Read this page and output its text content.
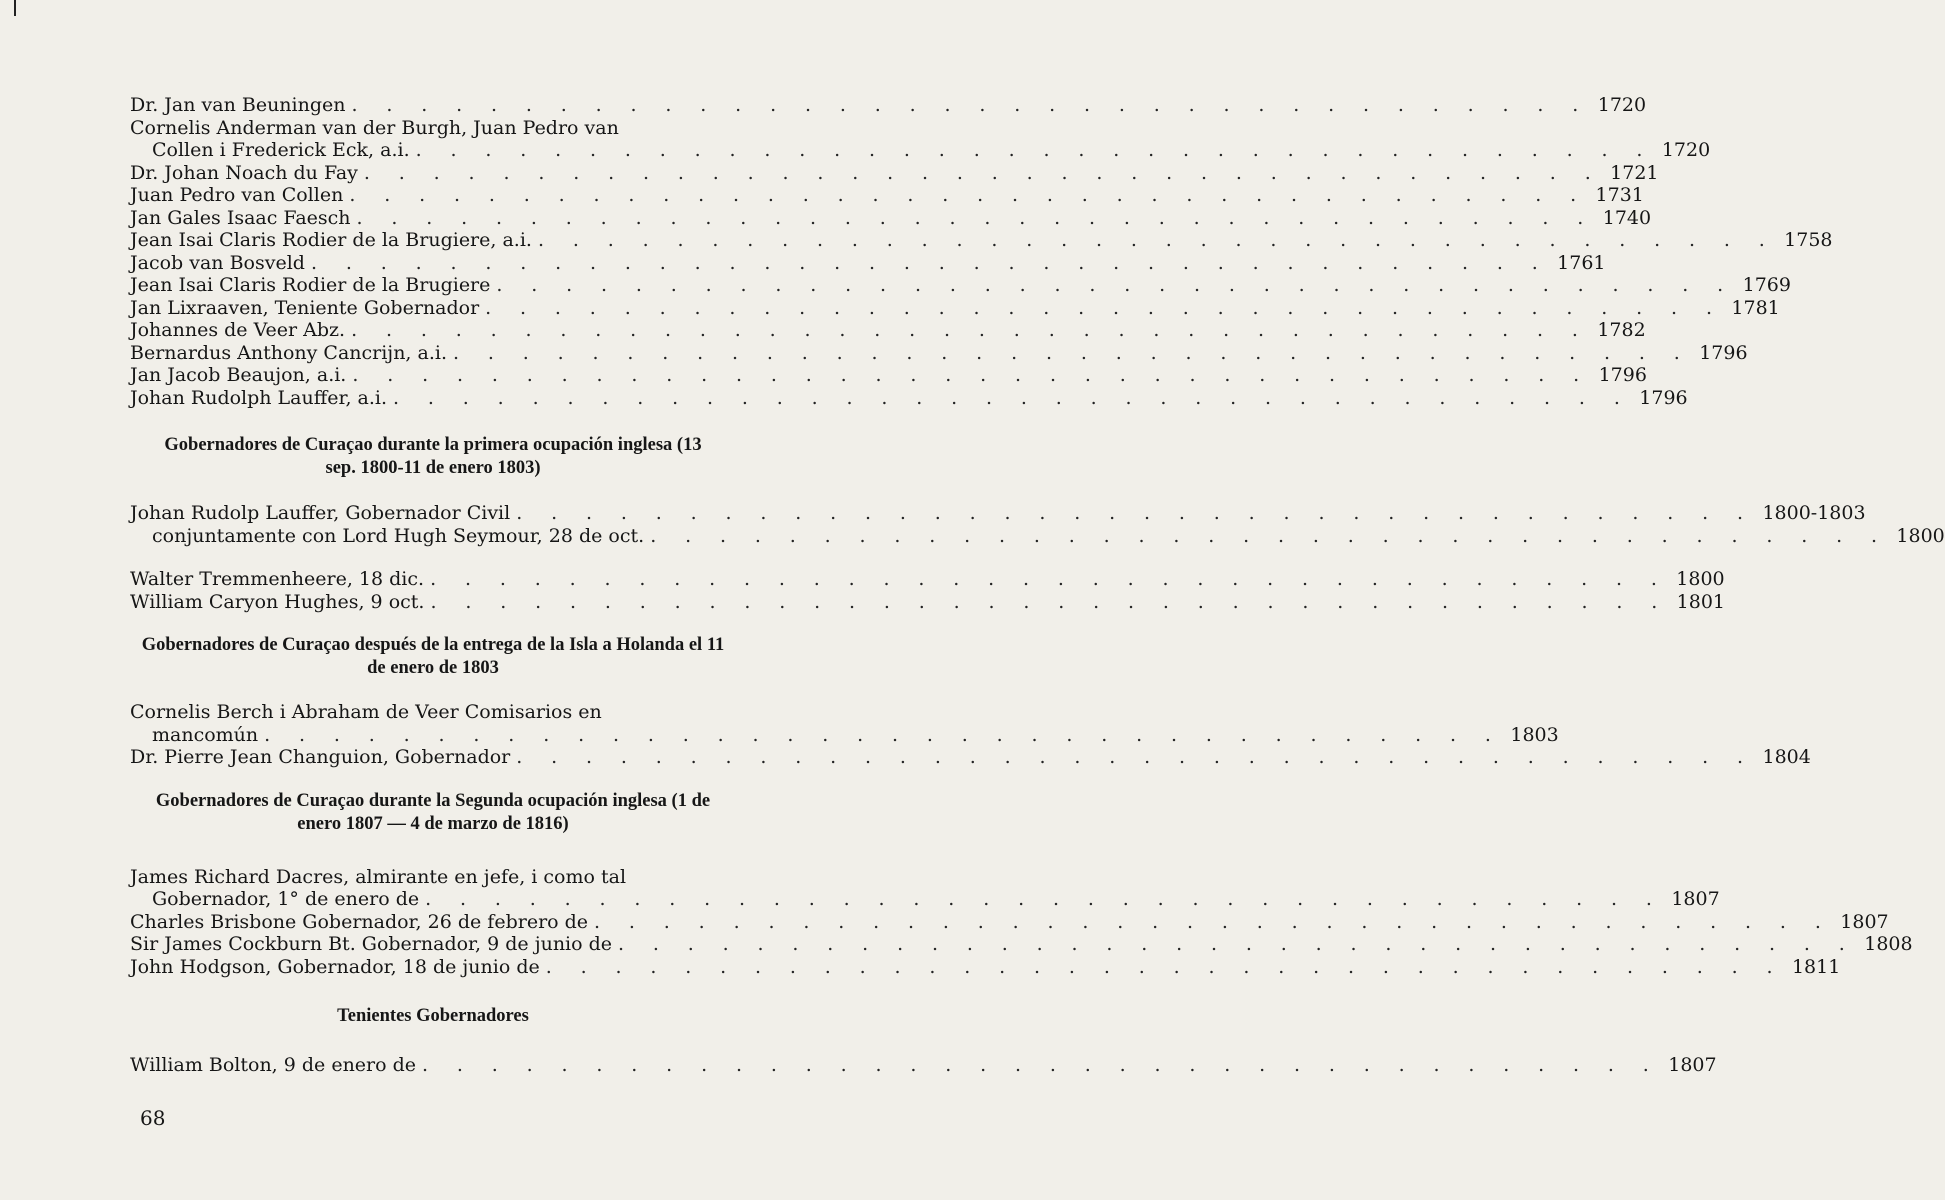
Dr. Jan van Beuningen . . . . . . . . . . . . . . . . . . . . . . . . . . . . . . . . . . . . 1720
Cornelis Anderman van der Burgh, Juan Pedro van
Collen i Frederick Eck, a.i. . . . . . . . . . . . . . . . . . . . . . . . . . . . . . . . . . . . . 1720
Dr. Johan Noach du Fay . . . . . . . . . . . . . . . . . . . . . . . . . . . . . . . . . . . . 1721
Juan Pedro van Collen . . . . . . . . . . . . . . . . . . . . . . . . . . . . . . . . . . . . 1731
Jan Gales Isaac Faesch . . . . . . . . . . . . . . . . . . . . . . . . . . . . . . . . . . . . 1740
Jean Isai Claris Rodier de la Brugiere, a.i. . . . . . . . . . . . . . . . . . . . . . . . . . . . . . . . . . . . . 1758
Jacob van Bosveld . . . . . . . . . . . . . . . . . . . . . . . . . . . . . . . . . . . . 1761
Jean Isai Claris Rodier de la Brugiere . . . . . . . . . . . . . . . . . . . . . . . . . . . . . . . . . . . . 1769
Jan Lixraaven, Teniente Gobernador . . . . . . . . . . . . . . . . . . . . . . . . . . . . . . . . . . . . 1781
Johannes de Veer Abz. . . . . . . . . . . . . . . . . . . . . . . . . . . . . . . . . . . . . 1782
Bernardus Anthony Cancrijn, a.i. . . . . . . . . . . . . . . . . . . . . . . . . . . . . . . . . . . . . 1796
Jan Jacob Beaujon, a.i. . . . . . . . . . . . . . . . . . . . . . . . . . . . . . . . . . . . . 1796
Johan Rudolph Lauffer, a.i. . . . . . . . . . . . . . . . . . . . . . . . . . . . . . . . . . . . . 1796
Gobernadores de Curaçao durante la primera ocupación inglesa (13 sep. 1800-11 de enero 1803)
Johan Rudolp Lauffer, Gobernador Civil . . . . . . . . . . . . . . . . . . . . . . . . . . . . . . . . . . . . 1800-1803
conjuntamente con Lord Hugh Seymour, 28 de oct. . . . . . . . . . . . . . . . . . . . . . . . . . . . . . . . . . . . . 1800
Walter Tremmenheere, 18 dic. . . . . . . . . . . . . . . . . . . . . . . . . . . . . . . . . . . . . 1800
William Caryon Hughes, 9 oct. . . . . . . . . . . . . . . . . . . . . . . . . . . . . . . . . . . . . 1801
Gobernadores de Curaçao después de la entrega de la Isla a Holanda el 11 de enero de 1803
Cornelis Berch i Abraham de Veer Comisarios en
mancomún . . . . . . . . . . . . . . . . . . . . . . . . . . . . . . . . . . . . 1803
Dr. Pierre Jean Changuion, Gobernador . . . . . . . . . . . . . . . . . . . . . . . . . . . . . . . . . . . . 1804
Gobernadores de Curaçao durante la Segunda ocupación inglesa (1 de enero 1807 — 4 de marzo de 1816)
James Richard Dacres, almirante en jefe, i como tal
Gobernador, 1° de enero de . . . . . . . . . . . . . . . . . . . . . . . . . . . . . . . . . . . . 1807
Charles Brisbone Gobernador, 26 de febrero de . . . . . . . . . . . . . . . . . . . . . . . . . . . . . . . . . . . . 1807
Sir James Cockburn Bt. Gobernador, 9 de junio de . . . . . . . . . . . . . . . . . . . . . . . . . . . . . . . . . . . . 1808
John Hodgson, Gobernador, 18 de junio de . . . . . . . . . . . . . . . . . . . . . . . . . . . . . . . . . . . . 1811
Tenientes Gobernadores
William Bolton, 9 de enero de . . . . . . . . . . . . . . . . . . . . . . . . . . . . . . . . . . . . 1807
68
